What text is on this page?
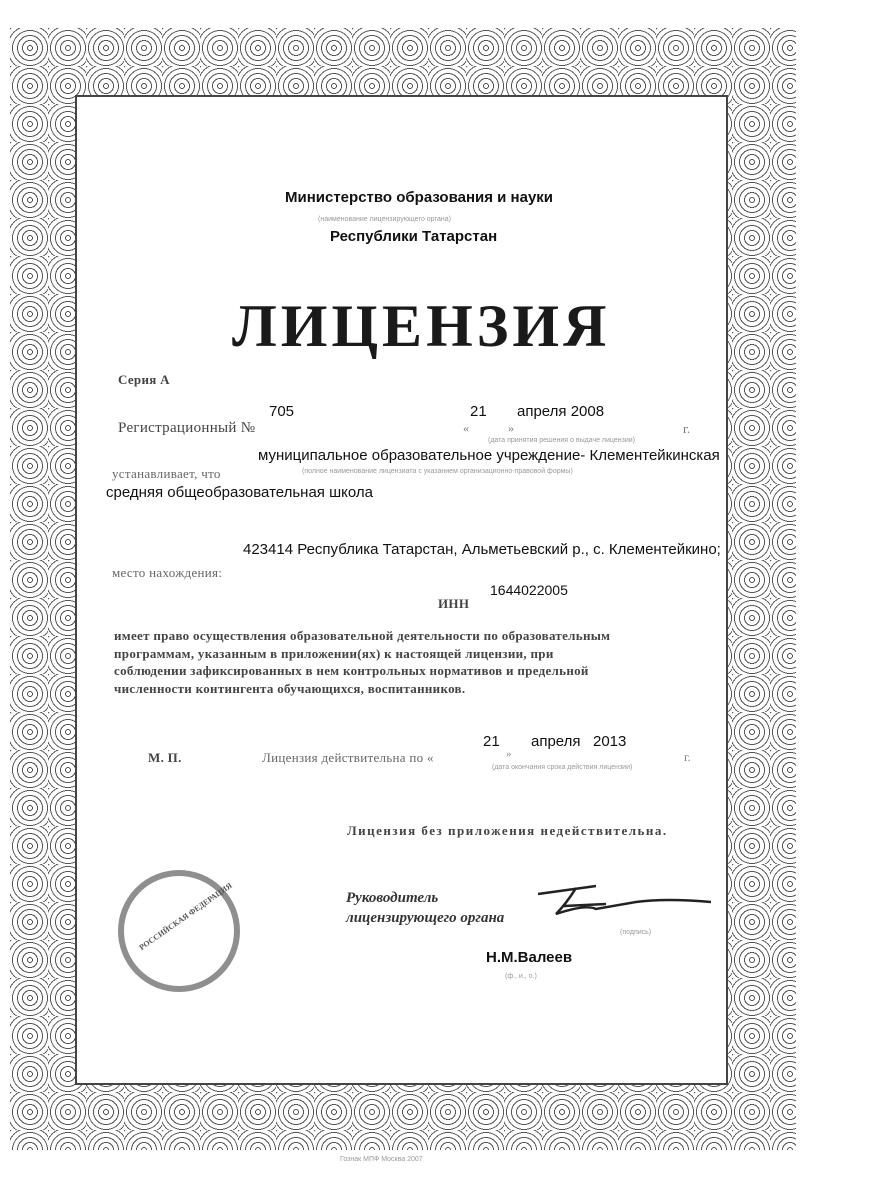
Министерство образования и науки
(наименование лицензирующего органа)
Республики Татарстан
ЛИЦЕНЗИЯ
Серия А
Регистрационный №
705
«
21
»
апреля 2008
г.
(дата принятия решения о выдаче лицензии)
муниципальное образовательное учреждение- Клементейкинская
устанавливает, что	(полное наименование лицензиата с указанием организационно-правовой формы)
средняя общеобразовательная школа
423414 Республика Татарстан, Альметьевский р., с. Клементейкино;
место нахождения:
1644022005
ИНН
имеет право осуществления образовательной деятельности по образовательным
программам, указанным в приложении(ях) к настоящей лицензии, при
соблюдении зафиксированных в нем контрольных нормативов и предельной
численности контингента обучающихся, воспитанников.
М. П.	Лицензия действительна по «
21
»
апреля 2013
г.
(дата окончания срока действия лицензии)
Лицензия без приложения недействительна.
Руководитель
лицензирующего органа
(подпись)
Н.М.Валеев
(ф., и., о.)
РОССИЙСКАЯ ФЕДЕРАЦИЯ
Гознак МПФ Москва 2007
